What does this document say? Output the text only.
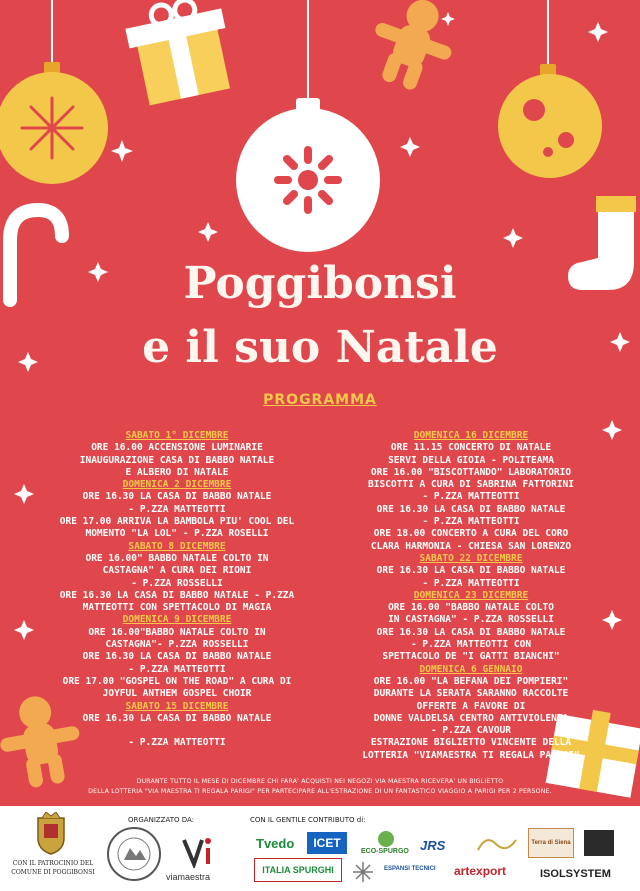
Poggibonsi
e il suo Natale
PROGRAMMA
SABATO 1° DICEMBRE
ORE 16.00 ACCENSIONE LUMINARIE
INAUGURAZIONE CASA DI BABBO NATALE
E ALBERO DI NATALE
DOMENICA 2 DICEMBRE
ORE 16.30 LA CASA DI BABBO NATALE
- P.ZZA MATTEOTTI
ORE 17.00 ARRIVA LA BAMBOLA PIU' COOL DEL
MOMENTO "LA LOL" - P.ZZA ROSELLI
SABATO 8 DICEMBRE
ORE 16.00" BABBO NATALE COLTO IN
CASTAGNA" A CURA DEI RIONI
- P.ZZA ROSSELLI
ORE 16.30 LA CASA DI BABBO NATALE - P.ZZA
MATTEOTTI CON SPETTACOLO DI MAGIA
DOMENICA 9 DICEMBRE
ORE 16.00"BABBO NATALE COLTO IN
CASTAGNA"- P.ZZA ROSSELLI
ORE 16.30 LA CASA DI BABBO NATALE
- P.ZZA MATTEOTTI
ORE 17.00 "GOSPEL ON THE ROAD" A CURA DI
JOYFUL ANTHEM GOSPEL CHOIR
SABATO 15 DICEMBRE
ORE 16.30 LA CASA DI BABBO NATALE
- P.ZZA MATTEOTTI
DOMENICA 16 DICEMBRE
ORE 11.15 CONCERTO DI NATALE
SERVI DELLA GIOIA - POLITEAMA
ORE 16.00 "BISCOTTANDO" LABORATORIO
BISCOTTI A CURA DI SABRINA FATTORINI
- P.ZZA MATTEOTTI
ORE 16.30 LA CASA DI BABBO NATALE
- P.ZZA MATTEOTTI
ORE 18.00 CONCERTO A CURA DEL CORO
CLARA HARMONIA - CHIESA SAN LORENZO
SABATO 22 DICEMBRE
ORE 16.30 LA CASA DI BABBO NATALE
- P.ZZA MATTEOTTI
DOMENICA 23 DICEMBRE
ORE 16.00 "BABBO NATALE COLTO
IN CASTAGNA" - P.ZZA ROSSELLI
ORE 16.30 LA CASA DI BABBO NATALE
- P.ZZA MATTEOTTI CON
SPETTACOLO DE "I GATTI BIANCHI"
DOMENICA 6 GENNAIO
ORE 16.00 "LA BEFANA DEI POMPIERI"
DURANTE LA SERATA SARANNO RACCOLTE
OFFERTE A FAVORE DI
DONNE VALDELSA CENTRO ANTIVIOLENZA
- P.ZZA CAVOUR
ESTRAZIONE BIGLIETTO VINCENTE DELLA
LOTTERIA "VIAMAESTRA TI REGALA PARIGI"
DURANTE TUTTO IL MESE DI DICEMBRE CHI FARA' ACQUISTI NEI NEGOZI VIA MAESTRA RICEVERA' UN BIGLIETTO
DELLA LOTTERIA "VIA MAESTRA TI REGALA PARIGI" PER PARTECIPARE ALL'ESTRAZIONE DI UN FANTASTICO VIAGGIO A PARIGI PER 2 PERSONE.
CON IL PATROCINIO DEL
COMUNE DI POGGIBONSI
ORGANIZZATO DA:
viamaestra
CON IL GENTILE CONTRIBUTO di:
Tvedo	ICET
ECO-SPURGO JRS	Terra di Siena
ITALIA SPURGHI	ESPANSI TECNICI artexport	ISOLSYSTEM
